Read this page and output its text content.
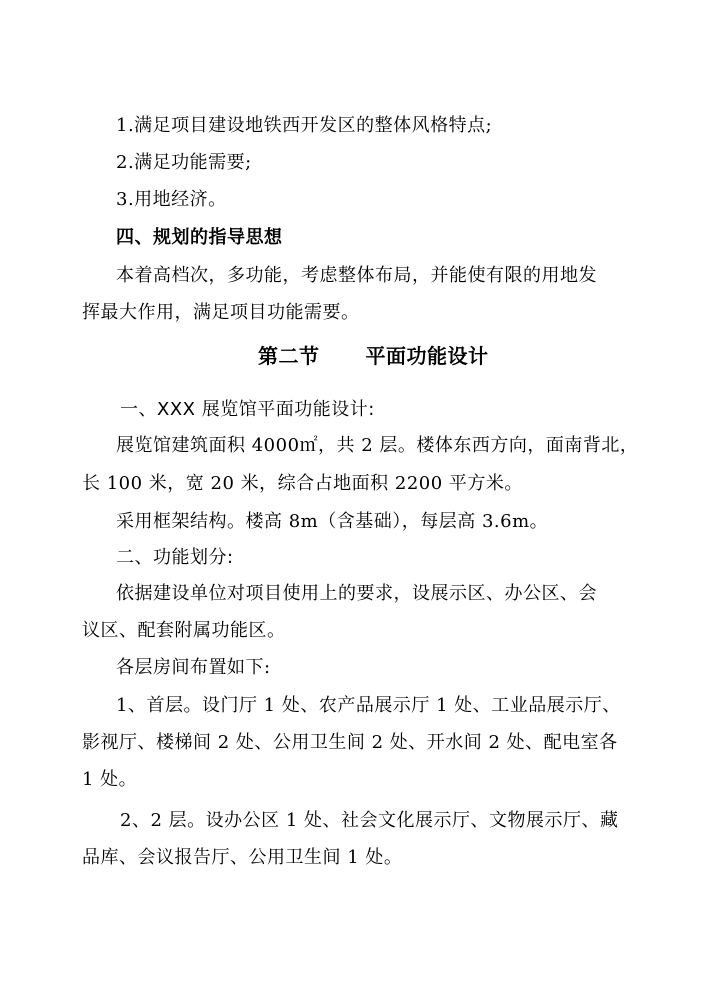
1.满足项目建设地铁西开发区的整体风格特点;
2.满足功能需要;
3.用地经济。
四、规划的指导思想
本着高档次，多功能，考虑整体布局，并能使有限的用地发
挥最大作用，满足项目功能需要。
第二节 平面功能设计
一、XXX 展览馆平面功能设计:
展览馆建筑面积 4000㎡，共 2 层。楼体东西方向，面南背北，
长 100 米，宽 20 米，综合占地面积 2200 平方米。
采用框架结构。楼高 8m（含基础），每层高 3.6m。
二、功能划分:
依据建设单位对项目使用上的要求，设展示区、办公区、会
议区、配套附属功能区。
各层房间布置如下:
1、首层。设门厅 1 处、农产品展示厅 1 处、工业品展示厅、
影视厅、楼梯间 2 处、公用卫生间 2 处、开水间 2 处、配电室各
1 处。
2、2 层。设办公区 1 处、社会文化展示厅、文物展示厅、藏
品库、会议报告厅、公用卫生间 1 处。
